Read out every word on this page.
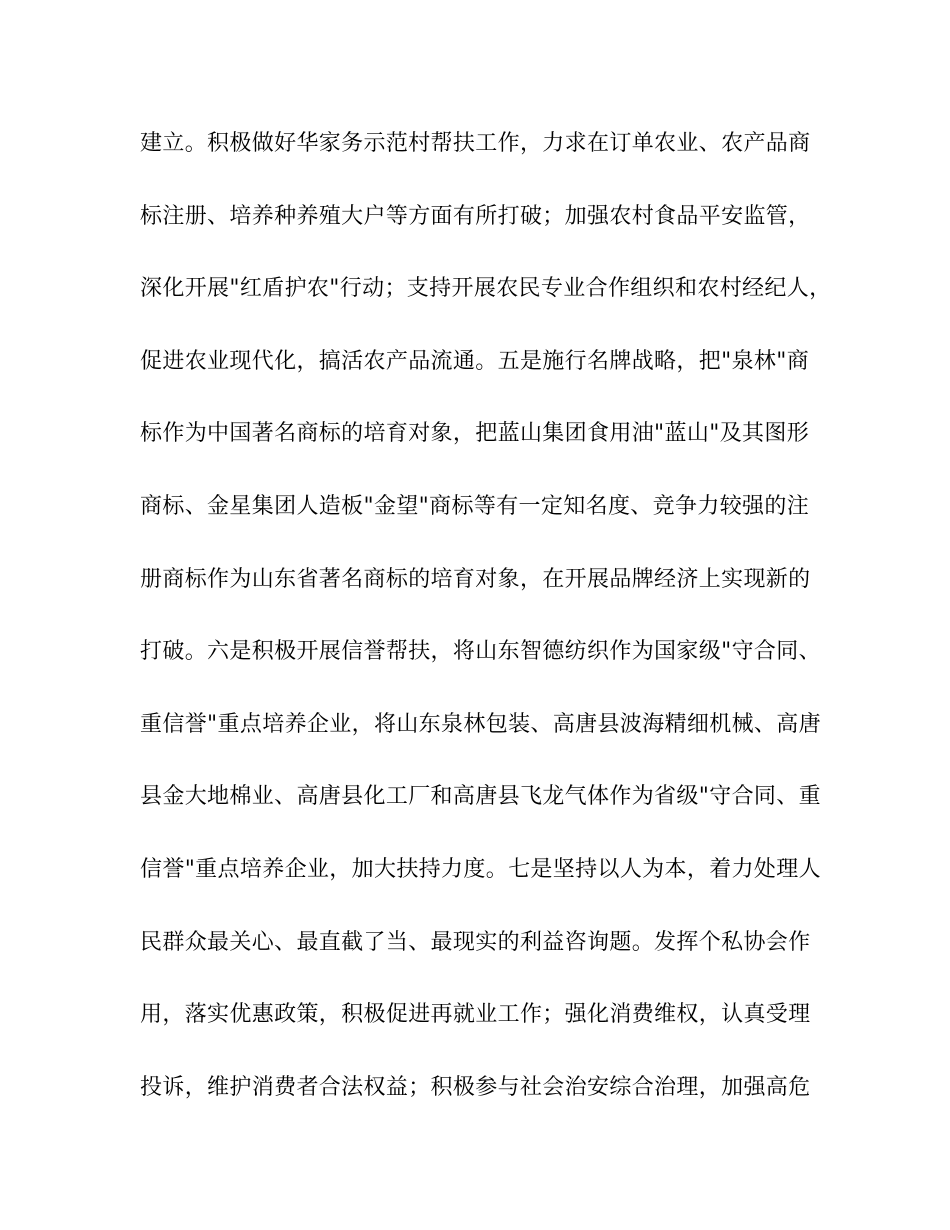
建立。积极做好华家务示范村帮扶工作，力求在订单农业、农产品商
标注册、培养种养殖大户等方面有所打破；加强农村食品平安监管，
深化开展"红盾护农"行动；支持开展农民专业合作组织和农村经纪人，
促进农业现代化，搞活农产品流通。五是施行名牌战略，把"泉林"商
标作为中国著名商标的培育对象，把蓝山集团食用油"蓝山"及其图形
商标、金星集团人造板"金望"商标等有一定知名度、竞争力较强的注
册商标作为山东省著名商标的培育对象，在开展品牌经济上实现新的
打破。六是积极开展信誉帮扶，将山东智德纺织作为国家级"守合同、
重信誉"重点培养企业，将山东泉林包装、高唐县波海精细机械、高唐
县金大地棉业、高唐县化工厂和高唐县飞龙气体作为省级"守合同、重
信誉"重点培养企业，加大扶持力度。七是坚持以人为本，着力处理人
民群众最关心、最直截了当、最现实的利益咨询题。发挥个私协会作
用，落实优惠政策，积极促进再就业工作；强化消费维权，认真受理
投诉，维护消费者合法权益；积极参与社会治安综合治理，加强高危
